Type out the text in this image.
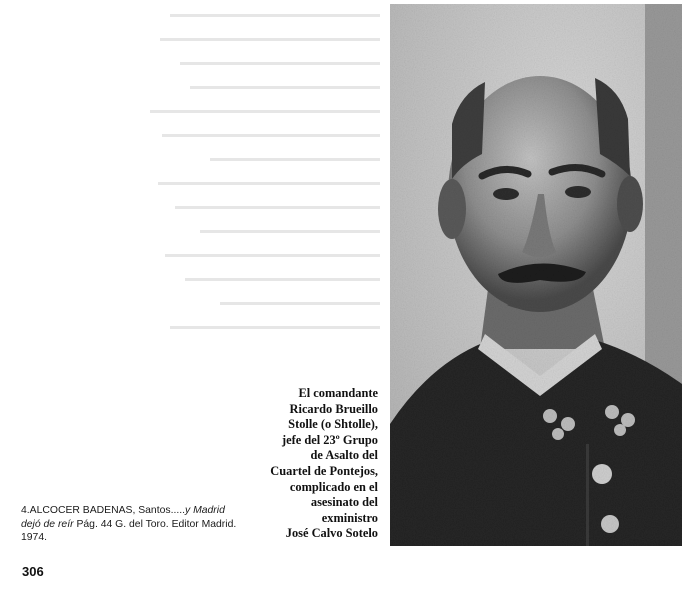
El comandante
Ricardo Brueillo
Stolle (o Shtolle),
jefe del 23º Grupo
de Asalto del
Cuartel de Pontejos,
complicado en el
asesinato del
exministro
José Calvo Sotelo
4.ALCOCER BADENAS, Santos.....y Madrid
dejó de reír Pág. 44 G. del Toro. Editor Madrid.
1974.
306
